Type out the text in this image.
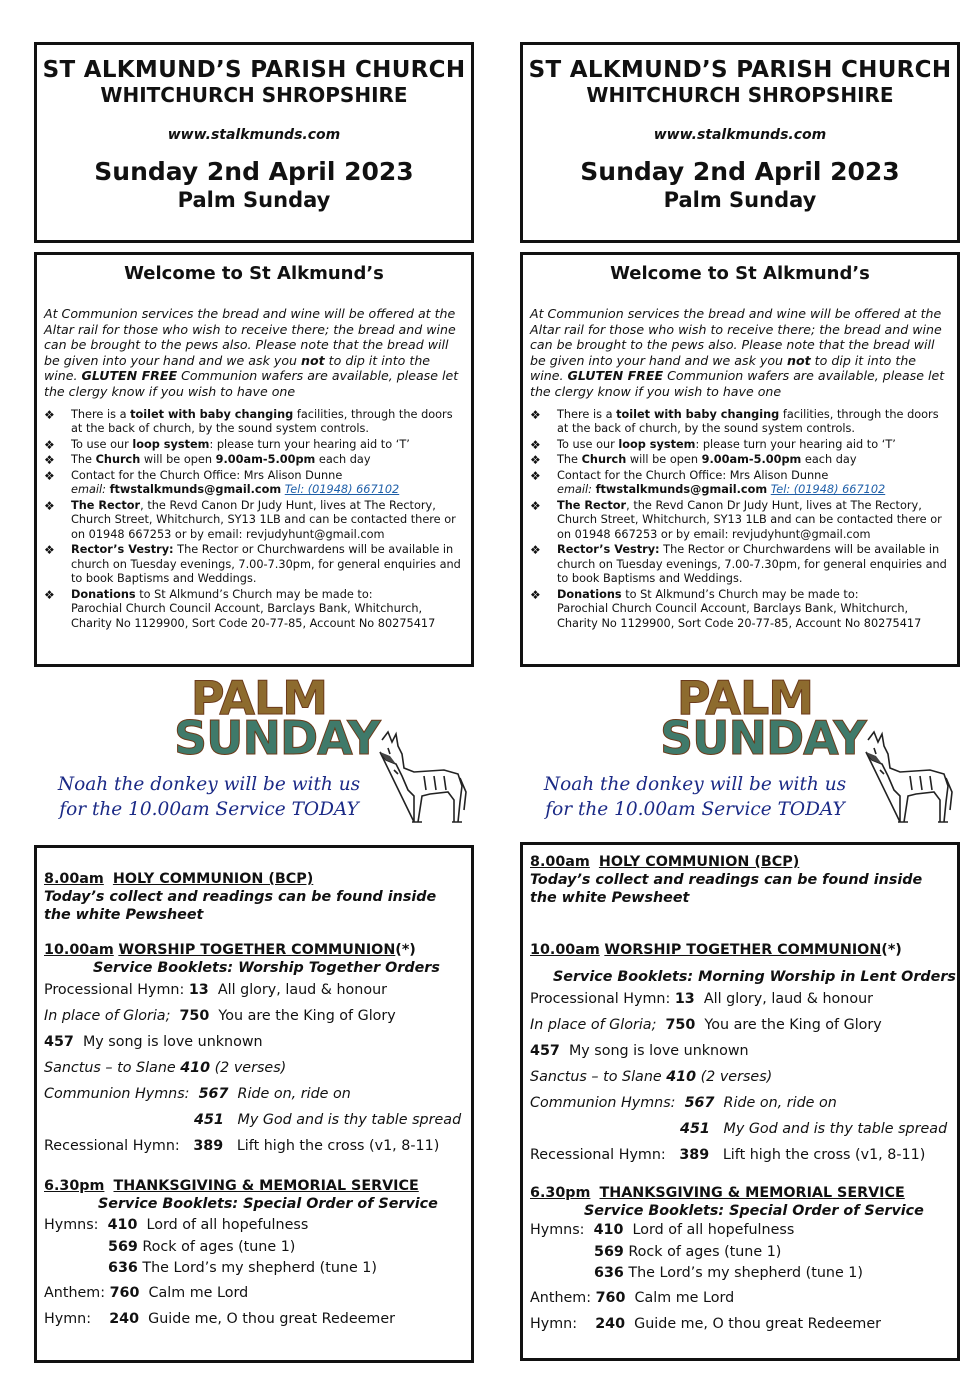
ST ALKMUND’S PARISH CHURCH
WHITCHURCH SHROPSHIRE
www.stalkmunds.com
Sunday 2nd April 2023
Palm Sunday
Welcome to St Alkmund’s
At Communion services the bread and wine will be offered at the Altar rail for those who wish to receive there; the bread and wine can be brought to the pews also. Please note that the bread will be given into your hand and we ask you not to dip it into the wine. GLUTEN FREE Communion wafers are available, please let the clergy know if you wish to have one
❖ There is a toilet with baby changing facilities, through the doors at the back of church, by the sound system controls.
❖ To use our loop system: please turn your hearing aid to ‘T’
❖ The Church will be open 9.00am-5.00pm each day
❖ Contact for the Church Office: Mrs Alison Dunne
email: ftwstalkmunds@gmail.com Tel: (01948) 667102
❖ The Rector, the Revd Canon Dr Judy Hunt, lives at The Rectory, Church Street, Whitchurch, SY13 1LB and can be contacted there or on 01948 667253 or by email: revjudyhunt@gmail.com
❖ Rector’s Vestry: The Rector or Churchwardens will be available in church on Tuesday evenings, 7.00-7.30pm, for general enquiries and to book Baptisms and Weddings.
❖ Donations to St Alkmund’s Church may be made to:
Parochial Church Council Account, Barclays Bank, Whitchurch,
Charity No 1129900, Sort Code 20-77-85, Account No 80275417
PALM
SUNDAY
Noah the donkey will be with us
for the 10.00am Service TODAY
8.00am HOLY COMMUNION (BCP)
Today’s collect and readings can be found inside
the white Pewsheet
10.00am WORSHIP TOGETHER COMMUNION(*)
Service Booklets: Worship Together Orders
Processional Hymn: 13 All glory, laud & honour
In place of Gloria; 750 You are the King of Glory
457 My song is love unknown
Sanctus – to Slane 410 (2 verses)
Communion Hymns: 567 Ride on, ride on
451 My God and is thy table spread
Recessional Hymn: 389 Lift high the cross (v1, 8-11)
6.30pm THANKSGIVING & MEMORIAL SERVICE
Service Booklets: Special Order of Service
Hymns: 410 Lord of all hopefulness
569 Rock of ages (tune 1)
636 The Lord’s my shepherd (tune 1)
Anthem: 760 Calm me Lord
Hymn: 240 Guide me, O thou great Redeemer
ST ALKMUND’S PARISH CHURCH
WHITCHURCH SHROPSHIRE
www.stalkmunds.com
Sunday 2nd April 2023
Palm Sunday
Welcome to St Alkmund’s
At Communion services the bread and wine will be offered at the Altar rail for those who wish to receive there; the bread and wine can be brought to the pews also. Please note that the bread will be given into your hand and we ask you not to dip it into the wine. GLUTEN FREE Communion wafers are available, please let the clergy know if you wish to have one
❖ There is a toilet with baby changing facilities, through the doors at the back of church, by the sound system controls.
❖ To use our loop system: please turn your hearing aid to ‘T’
❖ The Church will be open 9.00am-5.00pm each day
❖ Contact for the Church Office: Mrs Alison Dunne
email: ftwstalkmunds@gmail.com Tel: (01948) 667102
❖ The Rector, the Revd Canon Dr Judy Hunt, lives at The Rectory, Church Street, Whitchurch, SY13 1LB and can be contacted there or on 01948 667253 or by email: revjudyhunt@gmail.com
❖ Rector’s Vestry: The Rector or Churchwardens will be available in church on Tuesday evenings, 7.00-7.30pm, for general enquiries and to book Baptisms and Weddings.
❖ Donations to St Alkmund’s Church may be made to:
Parochial Church Council Account, Barclays Bank, Whitchurch,
Charity No 1129900, Sort Code 20-77-85, Account No 80275417
PALM
SUNDAY
Noah the donkey will be with us
for the 10.00am Service TODAY
8.00am HOLY COMMUNION (BCP)
Today’s collect and readings can be found inside
the white Pewsheet
10.00am WORSHIP TOGETHER COMMUNION(*)
Service Booklets: Morning Worship in Lent Orders
Processional Hymn: 13 All glory, laud & honour
In place of Gloria; 750 You are the King of Glory
457 My song is love unknown
Sanctus – to Slane 410 (2 verses)
Communion Hymns: 567 Ride on, ride on
451 My God and is thy table spread
Recessional Hymn: 389 Lift high the cross (v1, 8-11)
6.30pm THANKSGIVING & MEMORIAL SERVICE
Service Booklets: Special Order of Service
Hymns: 410 Lord of all hopefulness
569 Rock of ages (tune 1)
636 The Lord’s my shepherd (tune 1)
Anthem: 760 Calm me Lord
Hymn: 240 Guide me, O thou great Redeemer
